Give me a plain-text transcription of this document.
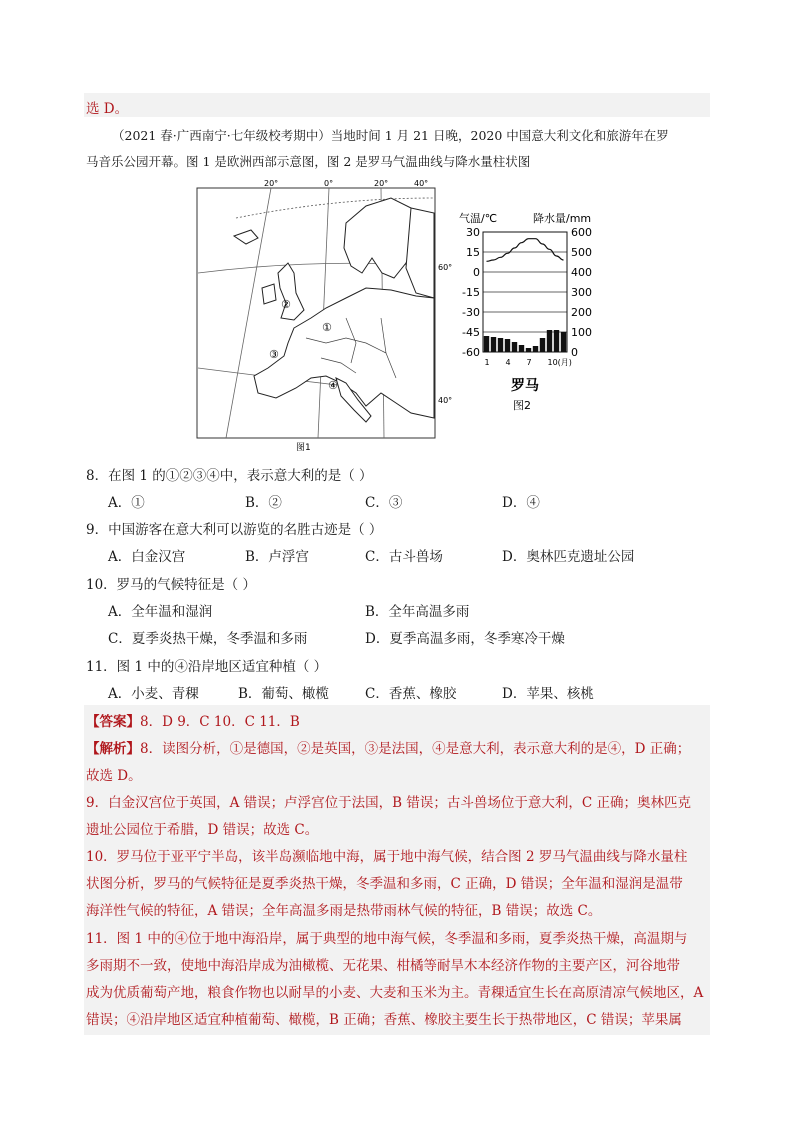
选 D。
（2021 春·广西南宁·七年级校考期中）当地时间 1 月 21 日晚，2020 中国意大利文化和旅游年在罗
马音乐公园开幕。图 1 是欧洲西部示意图，图 2 是罗马气温曲线与降水量柱状图
①
②
③
④
20°	0°	20°	40°
60°
40°
图1
气温/℃	降水量/mm
30
15
0
-15
-30
-45
-60
600
500
400
300
200
100
0
1 4 7 10(月)
罗马
图2
8．在图 1 的①②③④中，表示意大利的是（ ）
A．①	B．②	C．③	D．④
9．中国游客在意大利可以游览的名胜古迹是（ ）
A．白金汉宫	B．卢浮宫	C．古斗兽场	D．奥林匹克遗址公园
10．罗马的气候特征是（ ）
A．全年温和湿润	B．全年高温多雨
C．夏季炎热干燥，冬季温和多雨	D．夏季高温多雨，冬季寒冷干燥
11．图 1 中的④沿岸地区适宜种植（ ）
A．小麦、青稞	B．葡萄、橄榄	C．香蕉、橡胶	D．苹果、核桃
【答案】8．D 9．C 10．C 11．B
【解析】8．读图分析，①是德国，②是英国，③是法国，④是意大利，表示意大利的是④，D 正确；
故选 D。
9．白金汉宫位于英国，A 错误；卢浮宫位于法国，B 错误；古斗兽场位于意大利，C 正确；奥林匹克
遗址公园位于希腊，D 错误；故选 C。
10．罗马位于亚平宁半岛，该半岛濒临地中海，属于地中海气候，结合图 2 罗马气温曲线与降水量柱
状图分析，罗马的气候特征是夏季炎热干燥，冬季温和多雨，C 正确，D 错误；全年温和湿润是温带
海洋性气候的特征，A 错误；全年高温多雨是热带雨林气候的特征，B 错误；故选 C。
11．图 1 中的④位于地中海沿岸，属于典型的地中海气候，冬季温和多雨，夏季炎热干燥，高温期与
多雨期不一致，使地中海沿岸成为油橄榄、无花果、柑橘等耐旱木本经济作物的主要产区，河谷地带
成为优质葡萄产地，粮食作物也以耐旱的小麦、大麦和玉米为主。青稞适宜生长在高原清凉气候地区，A
错误；④沿岸地区适宜种植葡萄、橄榄，B 正确；香蕉、橡胶主要生长于热带地区，C 错误；苹果属
